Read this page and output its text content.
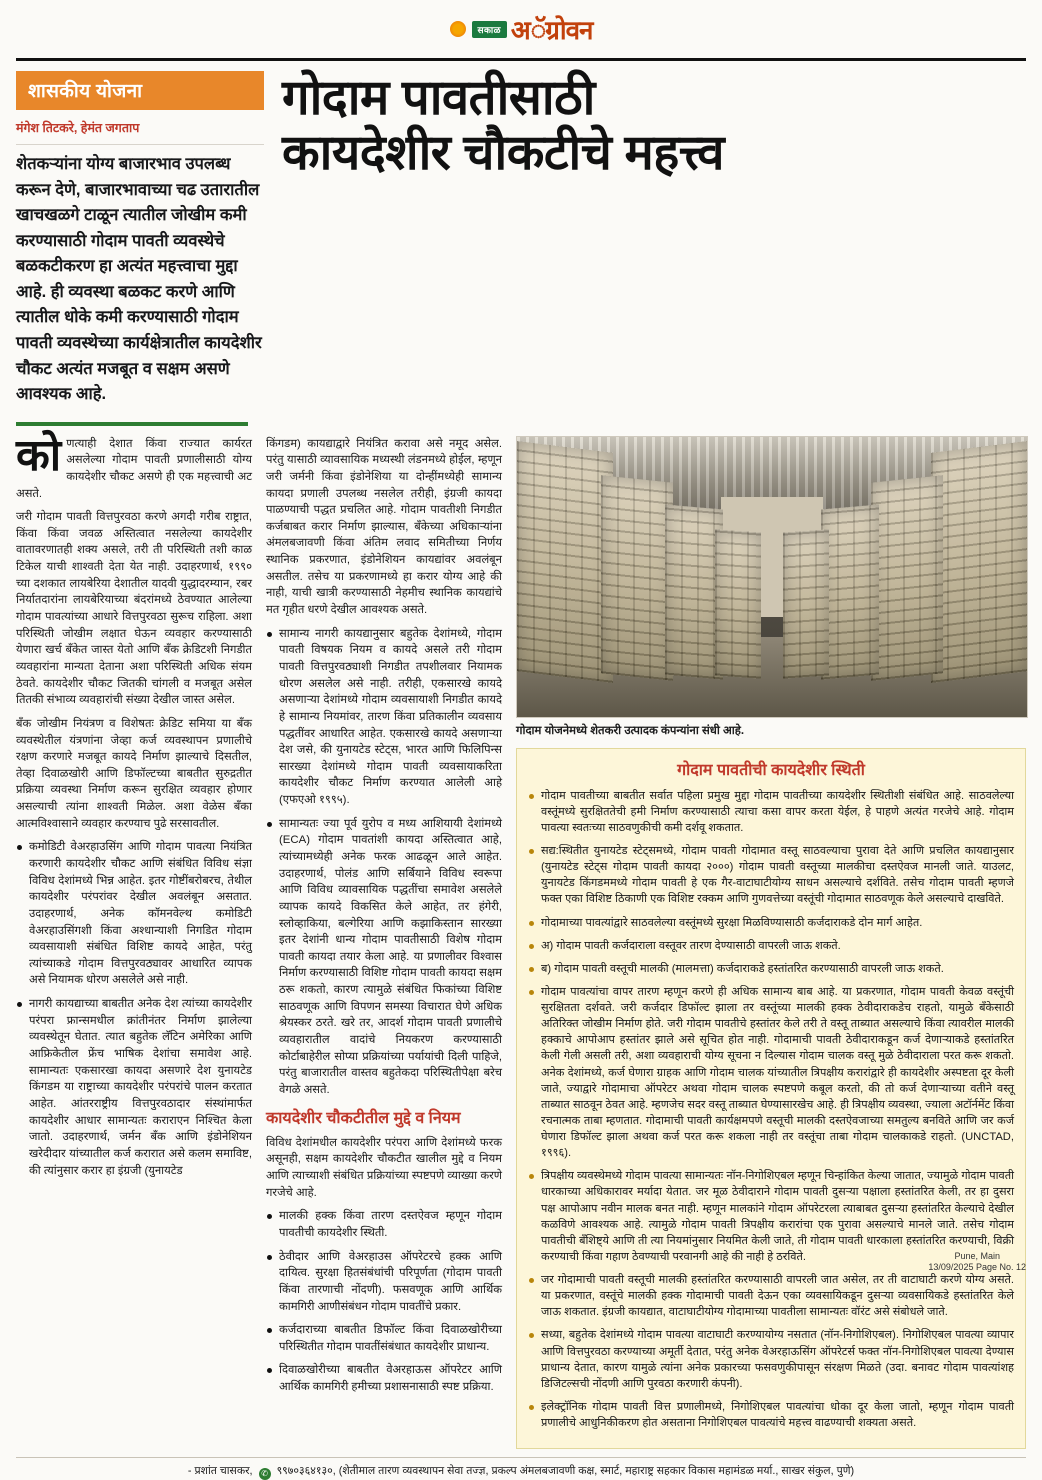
सकाळ अॅग्रोवन
शासकीय योजना
मंगेश तिटकरे, हेमंत जगताप

शेतकऱ्यांना योग्य बाजारभाव उपलब्ध करून देणे, बाजारभावाच्या चढ उतारातील खाचखळगे टाळून त्यातील जोखीम कमी करण्यासाठी गोदाम पावती व्यवस्थेचे बळकटीकरण हा अत्यंत महत्त्वाचा मुद्दा आहे. ही व्यवस्था बळकट करणे आणि त्यातील धोके कमी करण्यासाठी गोदाम पावती व्यवस्थेच्या कार्यक्षेत्रातील कायदेशीर चौकट अत्यंत मजबूत व सक्षम असणे आवश्यक आहे.

गोदाम पावतीसाठी
कायदेशीर चौकटीचे महत्त्व

कोणत्याही देशात किंवा राज्यात कार्यरत असलेल्या गोदाम पावती प्रणालीसाठी योग्य कायदेशीर चौकट असणे ही एक महत्त्वाची अट असते.

जरी गोदाम पावती वित्तपुरवठा करणे अगदी गरीब राष्ट्रात, किंवा किंवा जवळ अस्तित्वात नसलेल्या कायदेशीर वातावरणातही शक्य असले, तरी ती परिस्थिती तशी काळ टिकेल याची शाश्वती देता येत नाही. उदाहरणार्थ, १९९० च्या दशकात लायबेरिया देशातील यादवी युद्धादरम्यान, रबर निर्यातदारांना लायबेरियाच्या बंदरांमध्ये ठेवण्यात आलेल्या गोदाम पावत्यांच्या आधारे वित्तपुरवठा सुरूच राहिला. अशा परिस्थिती जोखीम लक्षात घेऊन व्यवहार करण्यासाठी येणारा खर्च बँकेत जास्त येतो आणि बँक क्रेडिटशी निगडीत व्यवहारांना मान्यता देताना अशा परिस्थिती अधिक संयम ठेवते. कायदेशीर चौकट जितकी चांगली व मजबूत असेल तितकी संभाव्य व्यवहारांची संख्या देखील जास्त असेल.

बँक जोखीम नियंत्रण व विशेषतः क्रेडिट समिया या बँक व्यवस्थेतील यंत्रणांना जेव्हा कर्ज व्यवस्थापन प्रणालीचे रक्षण करणारे मजबूत कायदे निर्माण झाल्याचे दिसतील, तेव्हा दिवाळखोरी आणि डिफॉल्टच्या बाबतीत सुरुद्रतीत प्रक्रिया व्यवस्था निर्माण करून सुरक्षित व्यवहार होणार असल्याची त्यांना शाश्वती मिळेल. अशा वेळेस बँका आत्मविश्वासाने व्यवहार करण्याच पुढे सरसावतील.

कमोडिटी वेअरहाउसिंग आणि गोदाम पावत्या नियंत्रित करणारी कायदेशीर चौकट आणि संबंधित विविध संज्ञा विविध देशांमध्ये भिन्न आहेत. इतर गोष्टींबरोबरच, तेथील कायदेशीर परंपरांवर देखील अवलंबून असतात. उदाहरणार्थ, अनेक कॉमनवेल्थ कमोडिटी वेअरहाउसिंगशी किंवा अश्धान्याशी निगडित गोदाम व्यवसायाशी संबंधित विशिष्ट कायदे आहेत, परंतु त्यांच्याकडे गोदाम वित्तपुरवठ्यावर आधारित व्यापक असे नियामक धोरण असलेले असे नाही.
नागरी कायद्याच्या बाबतीत अनेक देश त्यांच्या कायदेशीर परंपरा फ्रान्समधील क्रांतीनंतर निर्माण झालेल्या व्यवस्थेतून घेतात. त्यात बहुतेक लॅटिन अमेरिका आणि आफ्रिकेतील फ्रेंच भाषिक देशांचा समावेश आहे. सामान्यतः एकसारखा कायदा असणारे देश युनायटेड किंगडम या राष्ट्राच्या कायदेशीर परंपरांचे पालन करतात आहेत. आंतरराष्ट्रीय वित्तपुरवठादार संस्थांमार्फत कायदेशीर आधार सामान्यतः कराराएन निश्चित केला जातो. उदाहरणार्थ, जर्मन बँक आणि इंडोनेशियन खरेदीदार यांच्यातील कर्ज करारात असे कलम समाविष्ट, की त्यांनुसार करार हा इंग्रजी (युनायटेड

किंगडम) कायद्याद्वारे नियंत्रित करावा असे नमूद असेल. परंतु यासाठी व्यावसायिक मध्यस्थी लंडनमध्ये होईल, म्हणून जरी जर्मनी किंवा इंडोनेशिया या दोन्हींमध्येही सामान्य कायदा प्रणाली उपलब्ध नसलेल तरीही, इंग्रजी कायदा पाळण्याची पद्धत प्रचलित आहे. गोदाम पावतीशी निगडीत कर्जबाबत करार निर्माण झाल्यास, बँकेच्या अधिकाऱ्यांना अंमलबजावणी किंवा अंतिम लवाद समितीच्या निर्णय स्थानिक प्रकरणात, इंडोनेशियन कायद्यांवर अवलंबून असतील. तसेच या प्रकरणामध्ये हा करार योग्य आहे की नाही, याची खात्री करण्यासाठी नेहमीच स्थानिक कायद्यांचे मत गृहीत धरणे देखील आवश्यक असते.

सामान्य नागरी कायद्यानुसार बहुतेक देशांमध्ये, गोदाम पावती विषयक नियम व कायदे असले तरी गोदाम पावती वित्तपुरवठ्याशी निगडीत तपशीलवार नियामक धोरण असलेल असे नाही. तरीही, एकसारखे कायदे असणाऱ्या देशांमध्ये गोदाम व्यवसायाशी निगडीत कायदे हे सामान्य नियमांवर, तारण किंवा प्रतिकालीन व्यवसाय पद्धतींवर आधारित आहेत. एकसारखे कायदे असणाऱ्या देश जसे, की युनायटेड स्टेट्स, भारत आणि फिलिपिन्स सारख्या देशांमध्ये गोदाम पावती व्यवसायाकरिता कायदेशीर चौकट निर्माण करण्यात आलेली आहे (एफएओ १९९५).
सामान्यतः ज्या पूर्व युरोप व मध्य आशियायी देशांमध्ये (ECA) गोदाम पावतांशी कायदा अस्तित्वात आहे, त्यांच्यामध्येही अनेक फरक आढळून आले आहेत. उदाहरणार्थ, पोलंड आणि सर्बियाने विविध स्वरूपा आणि विविध व्यावसायिक पद्धतींचा समावेश असलेले व्यापक कायदे विकसित केले आहेत, तर हंगेरी, स्लोव्हाकिया, बल्गेरिया आणि कझाकिस्तान सारख्या इतर देशांनी धान्य गोदाम पावतीसाठी विशेष गोदाम पावती कायदा तयार केला आहे. या प्रणालीवर विश्वास निर्माण करण्यासाठी विशिष्ट गोदाम पावती कायदा सक्षम ठरू शकतो, कारण त्यामुळे संबंधित फिकांच्या विशिष्ट साठवणूक आणि विपणन समस्या विचारात घेणे अधिक श्रेयस्कर ठरते. खरे तर, आदर्श गोदाम पावती प्रणालीचे व्यवहारातील वादांचे नियकरण करण्यासाठी कोर्टाबाहेरील सोप्या प्रक्रियांच्या पर्यायांची दिली पाहिजे, परंतु बाजारातील वास्तव बहुतेकदा परिस्थितीपेक्षा बरेच वेगळे असते.
कायदेशीर चौकटीतील मुद्दे व नियम

विविध देशांमधील कायदेशीर परंपरा आणि देशांमध्ये फरक असूनही, सक्षम कायदेशीर चौकटीत खालील मुद्दे व नियम आणि त्याच्याशी संबंधित प्रक्रियांच्या स्पष्टपणे व्याख्या करणे गरजेचे आहे.

मालकी हक्क किंवा तारण दस्तऐवज म्हणून गोदाम पावतीची कायदेशीर स्थिती.
ठेवीदार आणि वेअरहाउस ऑपरेटरचे हक्क आणि दायित्व. सुरक्षा हितसंबंधांची परिपूर्णता (गोदाम पावती किंवा तारणाची नोंदणी). फसवणूक आणि आर्थिक कामगिरी आणीसंबंधन गोदाम पावतींचे प्रकार.
कर्जदाराच्या बाबतीत डिफॉल्ट किंवा दिवाळखोरीच्या परिस्थितीत गोदाम पावतींसंबंधात कायदेशीर प्राधान्य.
दिवाळखोरीच्या बाबतीत वेअरहाऊस ऑपरेटर आणि आर्थिक कामगिरी हमीच्या प्रशासनासाठी स्पष्ट प्रक्रिया.
गोदाम योजनेमध्ये शेतकरी उत्पादक कंपन्यांना संधी आहे.
गोदाम पावतीची कायदेशीर स्थिती
गोदाम पावतीच्या बाबतीत सर्वात पहिला प्रमुख मुद्दा गोदाम पावतीच्या कायदेशीर स्थितीशी संबंधित आहे. साठवलेल्या वस्तूंमध्ये सुरक्षिततेची हमी निर्माण करण्यासाठी त्याचा कसा वापर करता येईल, हे पाहणे अत्यंत गरजेचे आहे. गोदाम पावत्या स्वतःच्या साठवणुकीची कमी दर्शवू शकतात.
सद्य:स्थितीत युनायटेड स्टेट्समध्ये, गोदाम पावती गोदामात वस्तू साठवल्याचा पुरावा देते आणि प्रचलित कायद्यानुसार (युनायटेड स्टेट्स गोदाम पावती कायदा २०००) गोदाम पावती वस्तूच्या मालकीचा दस्तऐवज मानली जाते. याउलट, युनायटेड किंगडममध्ये गोदाम पावती हे एक गैर-वाटाघाटीयोग्य साधन असल्याचे दर्शविते. तसेच गोदाम पावती म्हणजे फक्त एका विशिष्ट ठिकाणी एक विशिष्ट रक्कम आणि गुणवत्तेच्या वस्तूंची गोदामात साठवणूक केले असल्याचे दाखविते.
गोदामाच्या पावत्यांद्वारे साठवलेल्या वस्तूंमध्ये सुरक्षा मिळविण्यासाठी कर्जदाराकडे दोन मार्ग आहेत.
अ) गोदाम पावती कर्जदाराला वस्तूवर तारण देण्यासाठी वापरली जाऊ शकते.
ब) गोदाम पावती वस्तूची मालकी (मालमत्ता) कर्जदाराकडे हस्तांतरित करण्यासाठी वापरली जाऊ शकते.
गोदाम पावत्यांचा वापर तारण म्हणून करणे ही अधिक सामान्य बाब आहे. या प्रकरणात, गोदाम पावती केवळ वस्तूंची सुरक्षितता दर्शवते. जरी कर्जदार डिफॉल्ट झाला तर वस्तूंच्या मालकी हक्क ठेवीदाराकडेच राहतो, यामुळे बँकेसाठी अतिरिक्त जोखीम निर्माण होते. जरी गोदाम पावतीचे हस्तांतर केले तरी ते वस्तू ताब्यात असल्याचे किंवा त्यावरील मालकी हक्काचे आपोआप हस्तांतर झाले असे सूचित होत नाही. गोदामाची पावती ठेवीदाराकडून कर्ज देणाऱ्याकडे हस्तांतरित केली गेली असली तरी, अशा व्यवहाराची योग्य सूचना न दिल्यास गोदाम चालक वस्तू मुळे ठेवीदाराला परत करू शकतो. अनेक देशांमध्ये, कर्ज घेणारा ग्राहक आणि गोदाम चालक यांच्यातील त्रिपक्षीय करारांद्वारे ही कायदेशीर अस्पष्टता दूर केली जाते, ज्याद्वारे गोदामाचा ऑपरेटर अथवा गोदाम चालक स्पष्टपणे कबूल करतो, की तो कर्ज देणाऱ्याच्या वतीने वस्तू ताब्यात साठवून ठेवत आहे. म्हणजेच सदर वस्तू ताब्यात घेण्यासारखेच आहे. ही त्रिपक्षीय व्यवस्था, ज्याला अटॉर्नमेंट किंवा रचनात्मक ताबा म्हणतात. गोदामाची पावती कार्यक्षमपणे वस्तूची मालकी दस्तऐवजाच्या समतुल्य बनविते आणि जर कर्ज घेणारा डिफॉल्ट झाला अथवा कर्ज परत करू शकला नाही तर वस्तूंचा ताबा गोदाम चालकाकडे राहतो. (UNCTAD, १९९६).
त्रिपक्षीय व्यवस्थेमध्ये गोदाम पावत्या सामान्यतः नॉन-निगोशिएबल म्हणून चिन्हांकित केल्या जातात, ज्यामुळे गोदाम पावती धारकाच्या अधिकारावर मर्यादा येतात. जर मूळ ठेवीदाराने गोदाम पावती दुसऱ्या पक्षाला हस्तांतरित केली, तर हा दुसरा पक्ष आपोआप नवीन मालक बनत नाही. म्हणून मालकांने गोदाम ऑपरेटरला त्याबाबत दुसऱ्या हस्तांतरित केल्याचे देखील कळविणे आवश्यक आहे. त्यामुळे गोदाम पावती त्रिपक्षीय करारांचा एक पुरावा असल्याचे मानले जाते. तसेच गोदाम पावतीची बँशिष्ट्ये आणि ती त्या नियमांनुसार नियमित केली जाते, ती गोदाम पावती धारकाला हस्तांतरित करण्याची, विक्री करण्याची किंवा गहाण ठेवण्याची परवानगी आहे की नाही हे ठरविते.
जर गोदामाची पावती वस्तूची मालकी हस्तांतरित करण्यासाठी वापरली जात असेल, तर ती वाटाघाटी करणे योग्य असते. या प्रकरणात, वस्तूंचे मालकी हक्क गोदामाची पावती देऊन एका व्यवसायिकडून दुसऱ्या व्यवसायिकडे हस्तांतरित केले जाऊ शकतात. इंग्रजी कायद्यात, वाटाघाटीयोग्य गोदामाच्या पावतीला सामान्यतः वॉरंट असे संबोधले जाते.
सध्या, बहुतेक देशांमध्ये गोदाम पावत्या वाटाघाटी करण्यायोग्य नसतात (नॉन-निगोशिएबल). निगोशिएबल पावत्या व्यापार आणि वित्तपुरवठा करण्याच्या अमूर्ती देतात, परंतु अनेक वेअरहाऊसिंग ऑपरेटर्स फक्त नॉन-निगोशिएबल पावत्या देण्यास प्राधान्य देतात, कारण यामुळे त्यांना अनेक प्रकारच्या फसवणुकीपासून संरक्षण मिळते (उदा. बनावट गोदाम पावत्यांशह डिजिटल्सची नोंदणी आणि पुरवठा करणारी कंपनी).
इलेक्ट्रॉनिक गोदाम पावती वित्त प्रणालीमध्ये, निगोशिएबल पावत्यांचा धोका दूर केला जातो, म्हणून गोदाम पावती प्रणालीचे आधुनिकीकरण होत असताना निगोशिएबल पावत्यांचे महत्त्व वाढण्याची शक्यता असते.
- प्रशांत चासकर, ✆ ९९७०३६४१३०, (शेतीमाल तारण व्यवस्थापन सेवा तज्ज्ञ, प्रकल्प अंमलबजावणी कक्ष, स्मार्ट, महाराष्ट्र सहकार विकास महामंडळ मर्या., साखर संकुल, पुणे)
Pune, Main
13/09/2025 Page No. 12
